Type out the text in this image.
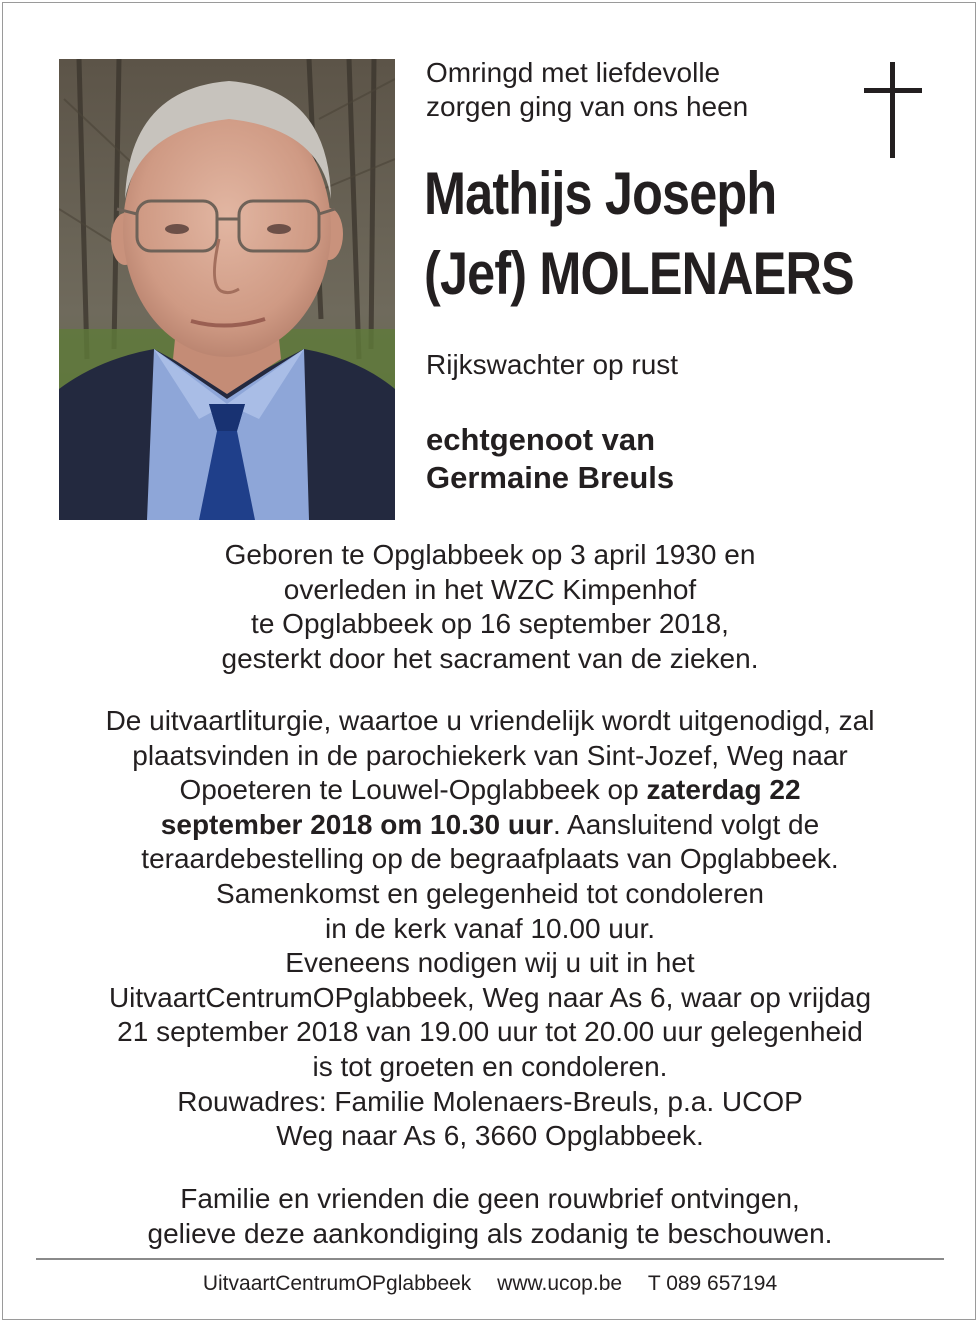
Omringd met liefdevolle
zorgen ging van ons heen
Mathijs Joseph
(Jef) MOLENAERS
Rijkswachter op rust
echtgenoot van
Germaine Breuls
Geboren te Opglabbeek op 3 april 1930 en
overleden in het WZC Kimpenhof
te Opglabbeek op 16 september 2018,
gesterkt door het sacrament van de zieken.
De uitvaartliturgie, waartoe u vriendelijk wordt uitgenodigd, zal
plaatsvinden in de parochiekerk van Sint-Jozef, Weg naar
Opoeteren te Louwel-Opglabbeek op zaterdag 22
september 2018 om 10.30 uur. Aansluitend volgt de
teraardebestelling op de begraafplaats van Opglabbeek.
Samenkomst en gelegenheid tot condoleren
in de kerk vanaf 10.00 uur.
Eveneens nodigen wij u uit in het
UitvaartCentrumOPglabbeek, Weg naar As 6, waar op vrijdag
21 september 2018 van 19.00 uur tot 20.00 uur gelegenheid
is tot groeten en condoleren.
Rouwadres: Familie Molenaers-Breuls, p.a. UCOP
Weg naar As 6, 3660 Opglabbeek.
Familie en vrienden die geen rouwbrief ontvingen,
gelieve deze aankondiging als zodanig te beschouwen.
UitvaartCentrumOPglabbeek www.ucop.be T 089 657194
